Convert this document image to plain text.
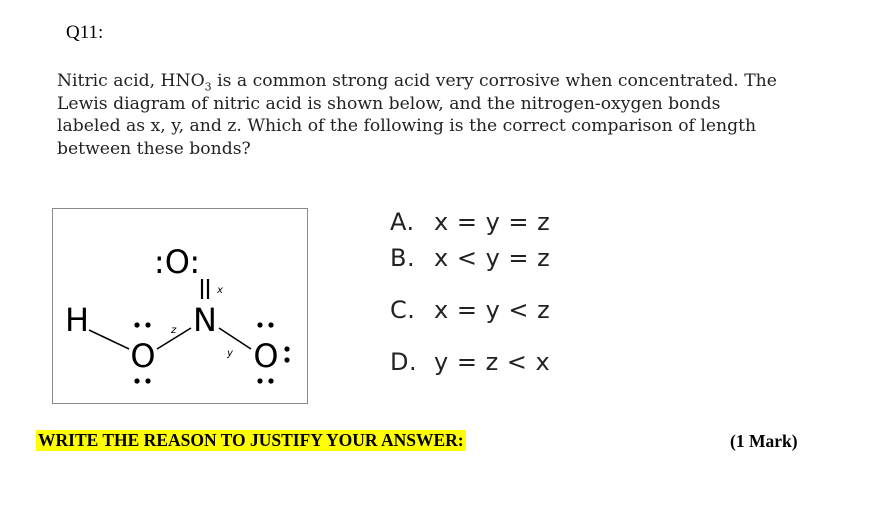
Q11:
Nitric acid, $HNO_3$ is a common strong acid very corrosive when concentrated. The Lewis diagram of nitric acid is shown below, and the nitrogen-oxygen bonds labeled as x, y, and z. Which of the following is the correct comparison of length between these bonds?
:O:
x
N
H
O
z
y O
A. x = y = z
B. x < y = z
C. x = y < z
D. y = z < x
WRITE THE REASON TO JUSTIFY YOUR ANSWER:	(1 Mark)
